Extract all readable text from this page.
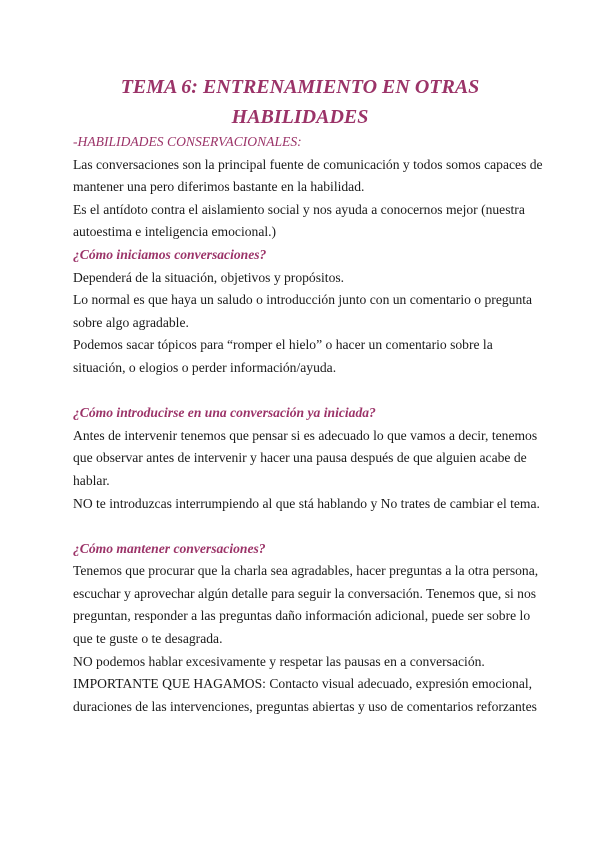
TEMA 6: ENTRENAMIENTO EN OTRAS
HABILIDADES

-HABILIDADES CONSERVACIONALES:

Las conversaciones son la principal fuente de comunicación y todos somos capaces de mantener una pero diferimos bastante en la habilidad.

Es el antídoto contra el aislamiento social y nos ayuda a conocernos mejor (nuestra autoestima e inteligencia emocional.)

¿Cómo iniciamos conversaciones?

Dependerá de la situación, objetivos y propósitos.

Lo normal es que haya un saludo o introducción junto con un comentario o pregunta sobre algo agradable.

Podemos sacar tópicos para “romper el hielo” o hacer un comentario sobre la situación, o elogios o perder información/ayuda.

¿Cómo introducirse en una conversación ya iniciada?

Antes de intervenir tenemos que pensar si es adecuado lo que vamos a decir, tenemos que observar antes de intervenir y hacer una pausa después de que alguien acabe de hablar.

NO te introduzcas interrumpiendo al que stá hablando y No trates de cambiar el tema.

¿Cómo mantener conversaciones?

Tenemos que procurar que la charla sea agradables, hacer preguntas a la otra persona, escuchar y aprovechar algún detalle para seguir la conversación. Tenemos que, si nos preguntan, responder a las preguntas daño información adicional, puede ser sobre lo que te guste o te desagrada.

NO podemos hablar excesivamente y respetar las pausas en a conversación.

IMPORTANTE QUE HAGAMOS: Contacto visual adecuado, expresión emocional, duraciones de las intervenciones, preguntas abiertas y uso de comentarios reforzantes
